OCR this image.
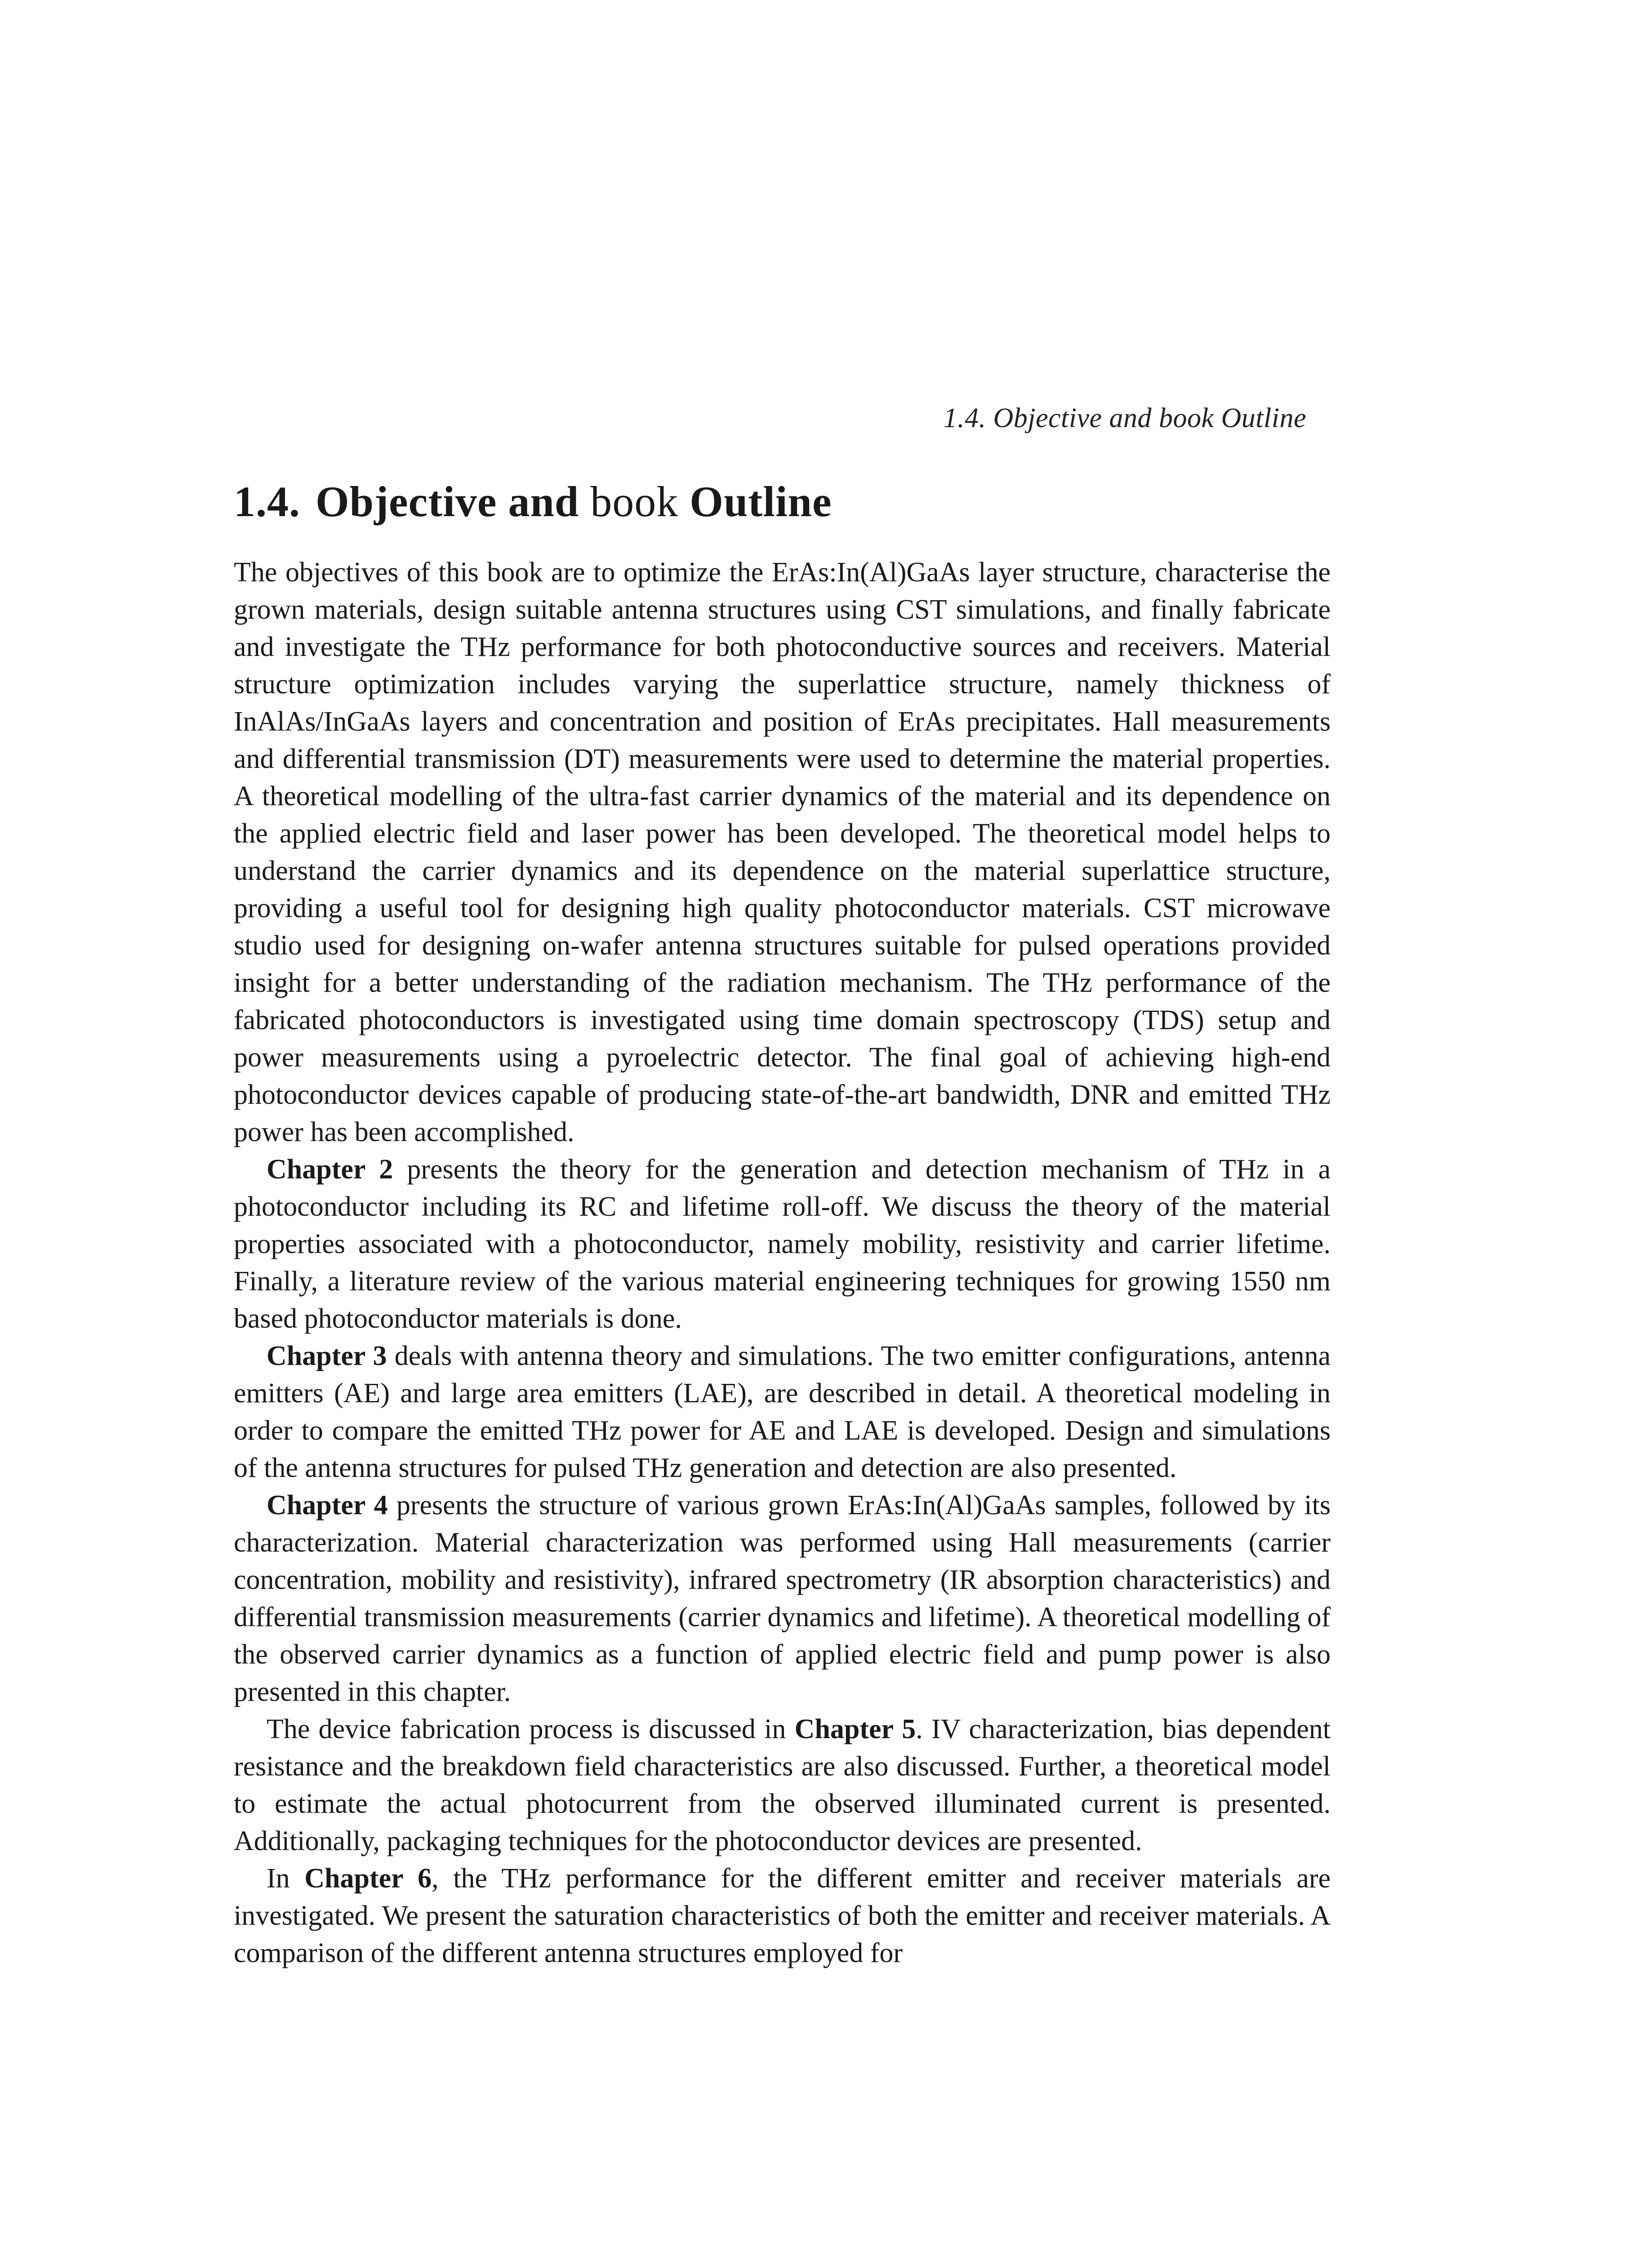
1.4. Objective and book Outline
1.4. Objective and book Outline

The objectives of this book are to optimize the ErAs:In(Al)GaAs layer structure, characterise the grown materials, design suitable antenna structures using CST simulations, and finally fabricate and investigate the THz performance for both photoconductive sources and receivers. Material structure optimization includes varying the superlattice structure, namely thickness of InAlAs/InGaAs layers and concentration and position of ErAs precipitates. Hall measurements and differential transmission (DT) measurements were used to determine the material properties. A theoretical modelling of the ultra-fast carrier dynamics of the material and its dependence on the applied electric field and laser power has been developed. The theoretical model helps to understand the carrier dynamics and its dependence on the material superlattice structure, providing a useful tool for designing high quality photoconductor materials. CST microwave studio used for designing on-wafer antenna structures suitable for pulsed operations provided insight for a better understanding of the radiation mechanism. The THz performance of the fabricated photoconductors is investigated using time domain spectroscopy (TDS) setup and power measurements using a pyroelectric detector. The final goal of achieving high-end photoconductor devices capable of producing state-of-the-art bandwidth, DNR and emitted THz power has been accomplished.

Chapter 2 presents the theory for the generation and detection mechanism of THz in a photoconductor including its RC and lifetime roll-off. We discuss the theory of the material properties associated with a photoconductor, namely mobility, resistivity and carrier lifetime. Finally, a literature review of the various material engineering techniques for growing 1550 nm based photoconductor materials is done.

Chapter 3 deals with antenna theory and simulations. The two emitter configurations, antenna emitters (AE) and large area emitters (LAE), are described in detail. A theoretical modeling in order to compare the emitted THz power for AE and LAE is developed. Design and simulations of the antenna structures for pulsed THz generation and detection are also presented.

Chapter 4 presents the structure of various grown ErAs:In(Al)GaAs samples, followed by its characterization. Material characterization was performed using Hall measurements (carrier concentration, mobility and resistivity), infrared spectrometry (IR absorption characteristics) and differential transmission measurements (carrier dynamics and lifetime). A theoretical modelling of the observed carrier dynamics as a function of applied electric field and pump power is also presented in this chapter.

The device fabrication process is discussed in Chapter 5. IV characterization, bias dependent resistance and the breakdown field characteristics are also discussed. Further, a theoretical model to estimate the actual photocurrent from the observed illuminated current is presented. Additionally, packaging techniques for the photoconductor devices are presented.

In Chapter 6, the THz performance for the different emitter and receiver materials are investigated. We present the saturation characteristics of both the emitter and receiver materials. A comparison of the different antenna structures employed for
